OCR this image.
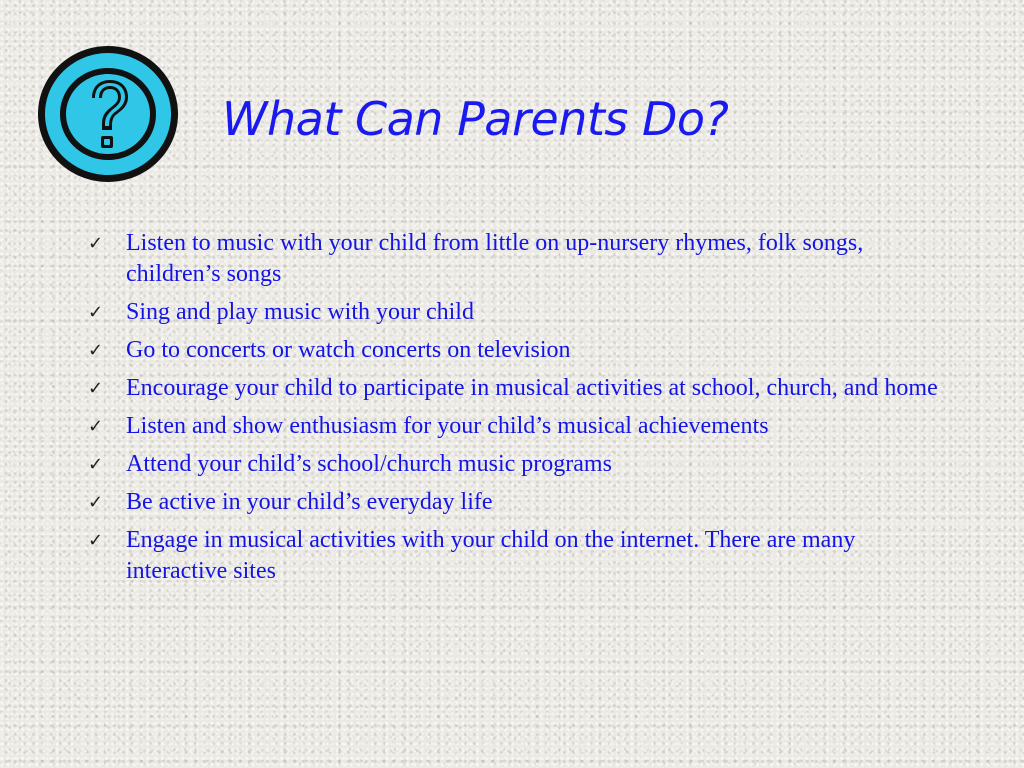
What Can Parents Do?
✓ Listen to music with your child from little on up-nursery rhymes, folk songs, children’s songs
✓ Sing and play music with your child
✓ Go to concerts or watch concerts on television
✓ Encourage your child to participate in musical activities at school, church, and home
✓ Listen and show enthusiasm for your child’s musical achievements
✓ Attend your child’s school/church music programs
✓ Be active in your child’s everyday life
✓ Engage in musical activities with your child on the internet. There are many interactive sites
